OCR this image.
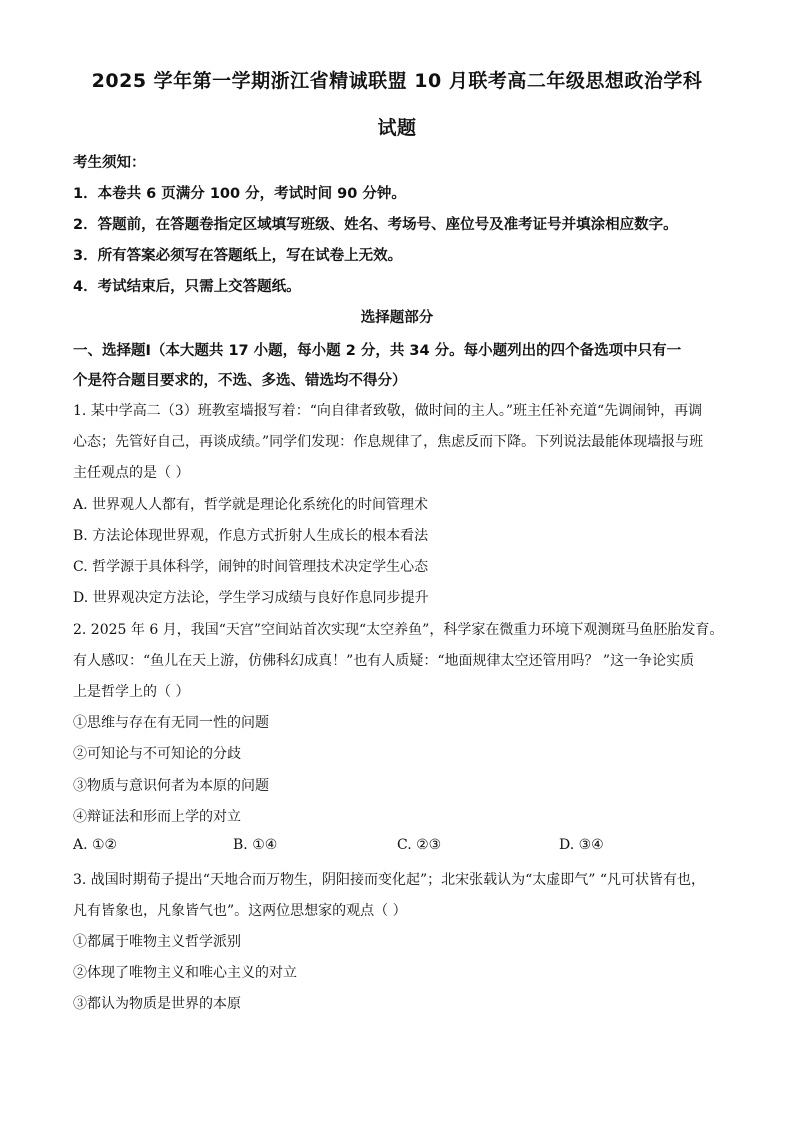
2025 学年第一学期浙江省精诚联盟 10 月联考高二年级思想政治学科
试题
考生须知：
1．本卷共 6 页满分 100 分，考试时间 90 分钟。
2．答题前，在答题卷指定区域填写班级、姓名、考场号、座位号及准考证号并填涂相应数字。
3．所有答案必须写在答题纸上，写在试卷上无效。
4．考试结束后，只需上交答题纸。
选择题部分
一、选择题Ⅰ（本大题共 17 小题，每小题 2 分，共 34 分。每小题列出的四个备选项中只有一
个是符合题目要求的，不选、多选、错选均不得分）
1. 某中学高二（3）班教室墙报写着：“向自律者致敬，做时间的主人。”班主任补充道“先调闹钟，再调
心态；先管好自己，再谈成绩。”同学们发现：作息规律了，焦虑反而下降。下列说法最能体现墙报与班
主任观点的是（ ）
A. 世界观人人都有，哲学就是理论化系统化的时间管理术
B. 方法论体现世界观，作息方式折射人生成长的根本看法
C. 哲学源于具体科学，闹钟的时间管理技术决定学生心态
D. 世界观决定方法论，学生学习成绩与良好作息同步提升
2. 2025 年 6 月，我国“天宫”空间站首次实现“太空养鱼”，科学家在微重力环境下观测斑马鱼胚胎发育。
有人感叹：“鱼儿在天上游，仿佛科幻成真！”也有人质疑：“地面规律太空还管用吗？ ”这一争论实质
上是哲学上的（ ）
①思维与存在有无同一性的问题
②可知论与不可知论的分歧
③物质与意识何者为本原的问题
④辩证法和形而上学的对立
A. ①②	B. ①④	C. ②③	D. ③④
3. 战国时期荀子提出“天地合而万物生，阴阳接而变化起”；北宋张载认为“太虚即气” “凡可状皆有也，
凡有皆象也，凡象皆气也”。这两位思想家的观点（ ）
①都属于唯物主义哲学派别
②体现了唯物主义和唯心主义的对立
③都认为物质是世界的本原
